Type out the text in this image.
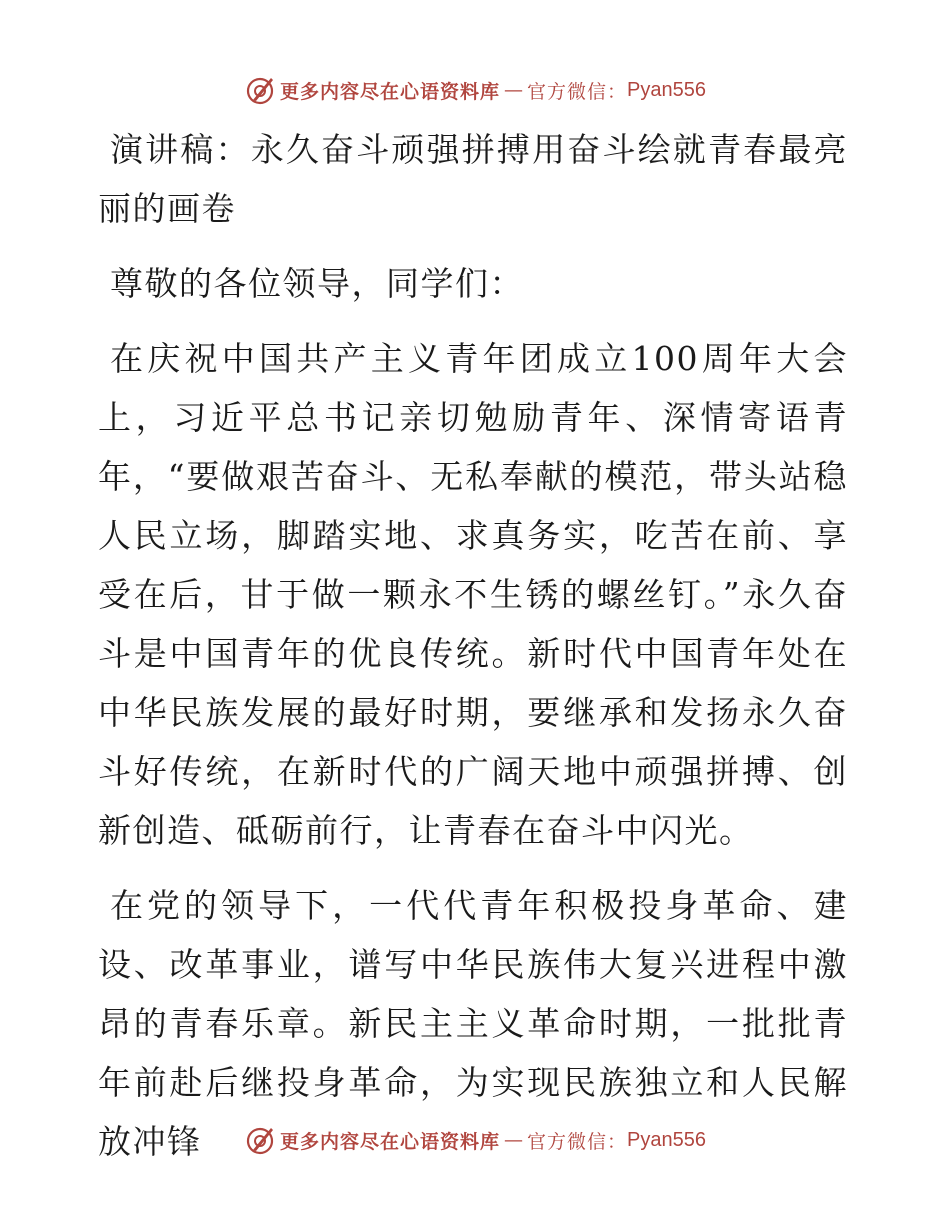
更多内容尽在心语资料库 — 官方微信： Pyan556

演讲稿：永久奋斗顽强拼搏用奋斗绘就青春最亮丽的画卷

尊敬的各位领导，同学们：

在庆祝中国共产主义青年团成立100周年大会上，习近平总书记亲切勉励青年、深情寄语青年，“要做艰苦奋斗、无私奉献的模范，带头站稳人民立场，脚踏实地、求真务实，吃苦在前、享受在后，甘于做一颗永不生锈的螺丝钉。”永久奋斗是中国青年的优良传统。新时代中国青年处在中华民族发展的最好时期，要继承和发扬永久奋斗好传统，在新时代的广阔天地中顽强拼搏、创新创造、砥砺前行，让青春在奋斗中闪光。

在党的领导下，一代代青年积极投身革命、建设、改革事业，谱写中华民族伟大复兴进程中激昂的青春乐章。新民主主义革命时期，一批批青年前赴后继投身革命，为实现民族独立和人民解放冲锋	更多内容尽在心语资料库 — 官方微信： Pyan556
